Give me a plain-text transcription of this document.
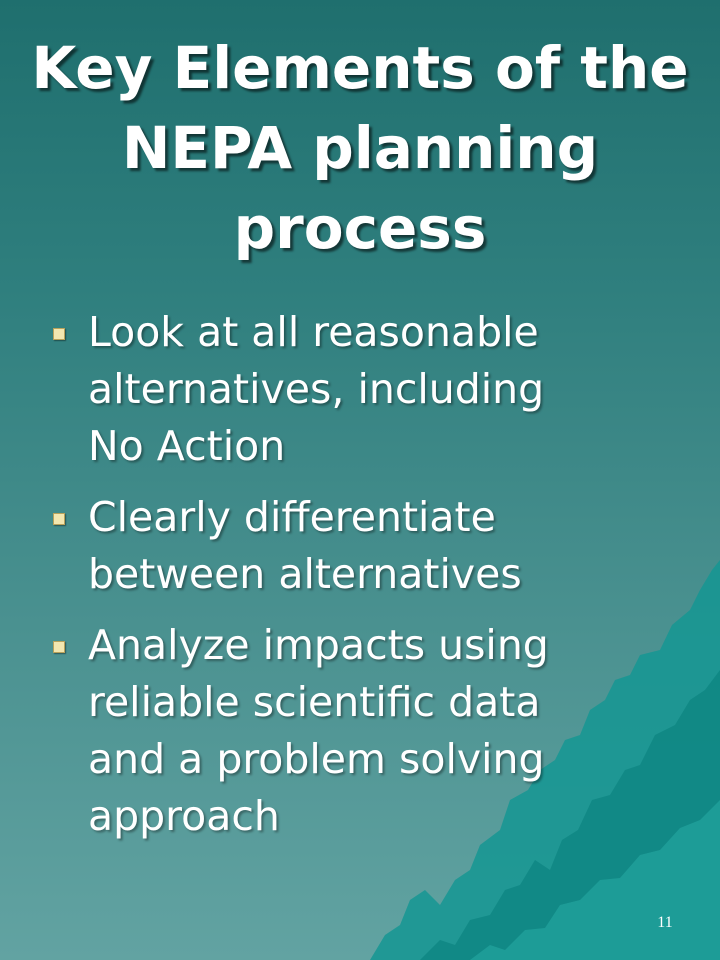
Key Elements of the
NEPA planning
process
Look at all reasonable
alternatives, including
No Action
Clearly differentiate
between alternatives
Analyze impacts using
reliable scientific data
and a problem solving
approach
11
